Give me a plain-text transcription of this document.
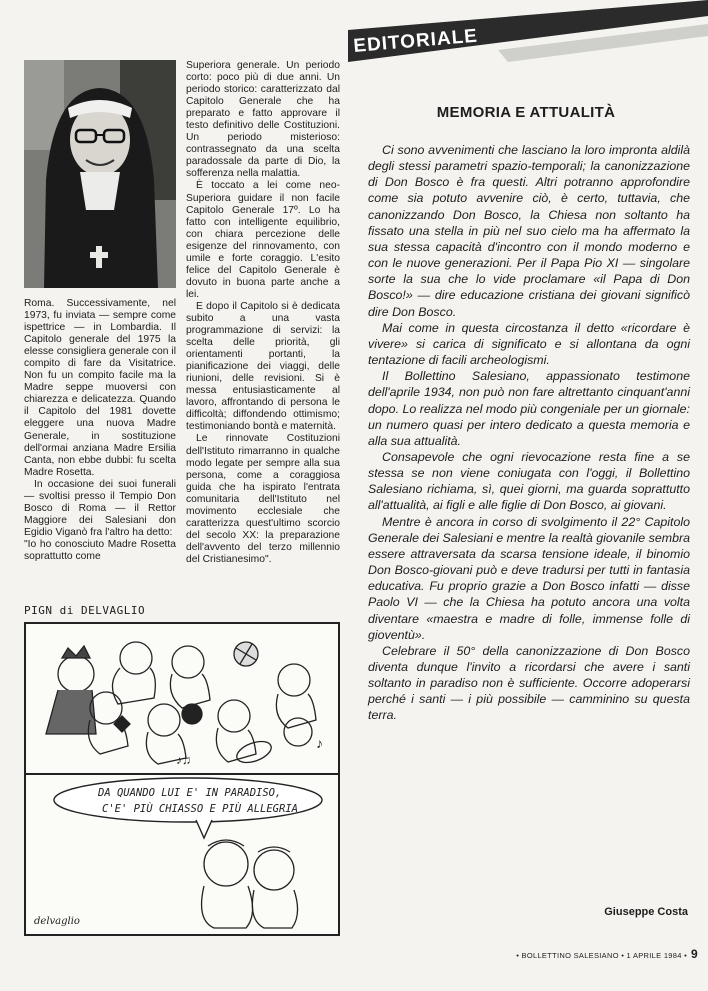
Roma. Successivamente, nel 1973, fu inviata — sempre come ispettrice — in Lombardia. Il Capitolo generale del 1975 la elesse consigliera generale con il compito di fare da Visitatrice. Non fu un compito facile ma la Madre seppe muoversi con chiarezza e delicatezza. Quando il Capitolo del 1981 dovette eleggere una nuova Madre Generale, in sostituzione dell'ormai anziana Madre Ersilia Canta, non ebbe dubbi: fu scelta Madre Rosetta.

In occasione dei suoi funerali — svoltisi presso il Tempio Don Bosco di Roma — il Rettor Maggiore dei Salesiani don Egidio Viganò fra l'altro ha detto:

"Io ho conosciuto Madre Rosetta soprattutto come

Superiora generale. Un periodo corto: poco più di due anni. Un periodo storico: caratterizzato dal Capitolo Generale che ha preparato e fatto approvare il testo definitivo delle Costituzioni. Un periodo misterioso: contrassegnato da una scelta paradossale da parte di Dio, la sofferenza nella malattia.

È toccato a lei come neo-Superiora guidare il non facile Capitolo Generale 17º. Lo ha fatto con intelligente equilibrio, con chiara percezione delle esigenze del rinnovamento, con umile e forte coraggio. L'esito felice del Capitolo Generale è dovuto in buona parte anche a lei.

E dopo il Capitolo si è dedicata subito a una vasta programmazione di servizi: la scelta delle priorità, gli orientamenti portanti, la pianificazione dei viaggi, delle riunioni, delle revisioni. Si è messa entusiasticamente al lavoro, affrontando di persona le difficoltà; diffondendo ottimismo; testimoniando bontà e maternità.

Le rinnovate Costituzioni dell'Istituto rimarranno in qualche modo legate per sempre alla sua persona, come a coraggiosa guida che ha ispirato l'entrata comunitaria dell'Istituto nel movimento ecclesiale che caratterizza quest'ultimo scorcio del secolo XX: la preparazione dell'avvento del terzo millennio del Cristianesimo".

EDITORIALE
MEMORIA E ATTUALITÀ

Ci sono avvenimenti che lasciano la loro impronta aldilà degli stessi parametri spazio-temporali; la canonizzazione di Don Bosco è fra questi. Altri potranno approfondire come sia potuto avvenire ciò, è certo, tuttavia, che canonizzando Don Bosco, la Chiesa non soltanto ha fissato una stella in più nel suo cielo ma ha affermato la sua stessa capacità d'incontro con il mondo moderno e con le nuove generazioni. Per il Papa Pio XI — singolare sorte la sua che lo vide proclamare «il Papa di Don Bosco!» — dire educazione cristiana dei giovani significò dire Don Bosco.

Mai come in questa circostanza il detto «ricordare è vivere» si carica di significato e si allontana da ogni tentazione di facili archeologismi.

Il Bollettino Salesiano, appassionato testimone dell'aprile 1934, non può non fare altrettanto cinquant'anni dopo. Lo realizza nel modo più congeniale per un giornale: un numero quasi per intero dedicato a questa memoria e alla sua attualità.

Consapevole che ogni rievocazione resta fine a se stessa se non viene coniugata con l'oggi, il Bollettino Salesiano richiama, sì, quei giorni, ma guarda soprattutto all'attualità, ai figli e alle figlie di Don Bosco, ai giovani.

Mentre è ancora in corso di svolgimento il 22° Capitolo Generale dei Salesiani e mentre la realtà giovanile sembra essere attraversata da scarsa tensione ideale, il binomio Don Bosco-giovani può e deve tradursi per tutti in fantasia educativa. Fu proprio grazie a Don Bosco infatti — disse Paolo VI — che la Chiesa ha potuto ancora una volta diventare «maestra e madre di folle, immense folle di gioventù».

Celebrare il 50° della canonizzazione di Don Bosco diventa dunque l'invito a ricordarsi che avere i santi soltanto in paradiso non è sufficiente. Occorre adoperarsi perché i santi — i più possibile — camminino su questa terra.

Giuseppe Costa
PIGN di DELVAGLIO
♪♫
♪
DA QUANDO LUI E' IN PARADISO,
C'E' PIÙ CHIASSO E PIÙ ALLEGRIA
delvaglio
• BOLLETTINO SALESIANO • 1 APRILE 1984 • 9
